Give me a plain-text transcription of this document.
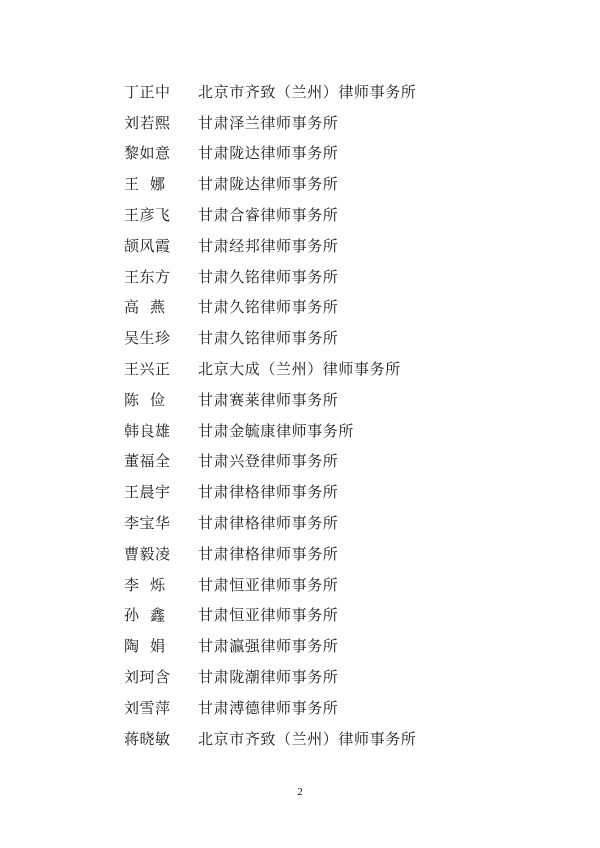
丁正中	北京市齐致（兰州）律师事务所
刘若熙	甘肃泽兰律师事务所
黎如意	甘肃陇达律师事务所
王  娜	甘肃陇达律师事务所
王彦飞	甘肃合睿律师事务所
颉风霞	甘肃经邦律师事务所
王东方	甘肃久铭律师事务所
高  燕	甘肃久铭律师事务所
吴生珍	甘肃久铭律师事务所
王兴正	北京大成（兰州）律师事务所
陈  俭	甘肃赛莱律师事务所
韩良雄	甘肃金毓康律师事务所
董福全	甘肃兴登律师事务所
王晨宇	甘肃律格律师事务所
李宝华	甘肃律格律师事务所
曹毅凌	甘肃律格律师事务所
李  烁	甘肃恒亚律师事务所
孙  鑫	甘肃恒亚律师事务所
陶  娟	甘肃瀛强律师事务所
刘珂含	甘肃陇潮律师事务所
刘雪萍	甘肃溥德律师事务所
蒋晓敏	北京市齐致（兰州）律师事务所
2
